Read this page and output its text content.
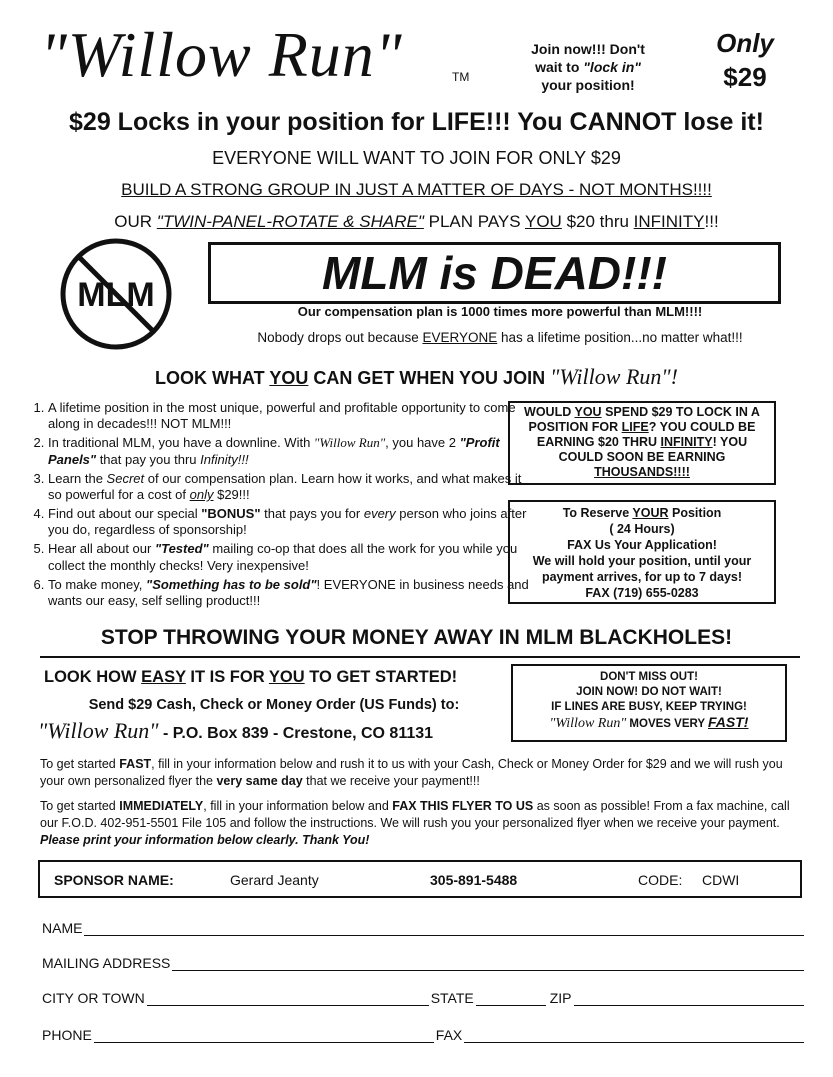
"Willow Run"	TM
Join now!!! Don't
wait to "lock in"
your position!
Only
$29
$29 Locks in your position for LIFE!!! You CANNOT lose it!
EVERYONE WILL WANT TO JOIN FOR ONLY $29
BUILD A STRONG GROUP IN JUST A MATTER OF DAYS - NOT MONTHS!!!!
OUR "TWIN-PANEL-ROTATE & SHARE" PLAN PAYS YOU $20 thru INFINITY!!!
MLM	MLM is DEAD!!!
Our compensation plan is 1000 times more powerful than MLM!!!!
Nobody drops out because EVERYONE has a lifetime position...no matter what!!!
LOOK WHAT YOU CAN GET WHEN YOU JOIN "Willow Run"!
1. A lifetime position in the most unique, powerful and profitable opportunity to come along in decades!!! NOT MLM!!!
2. In traditional MLM, you have a downline. With "Willow Run", you have 2 "Profit Panels" that pay you thru Infinity!!!
3. Learn the Secret of our compensation plan. Learn how it works, and what makes it so powerful for a cost of only $29!!!
4. Find out about our special "BONUS" that pays you for every person who joins after you do, regardless of sponsorship!
5. Hear all about our "Tested" mailing co-op that does all the work for you while you collect the monthly checks! Very inexpensive!
6. To make money, "Something has to be sold"! EVERYONE in business needs and wants our easy, self selling product!!!
WOULD YOU SPEND $29 TO LOCK IN A
POSITION FOR LIFE? YOU COULD BE
EARNING $20 THRU INFINITY! YOU
COULD SOON BE EARNING
THOUSANDS!!!!
To Reserve YOUR Position
( 24 Hours)
FAX Us Your Application!
We will hold your position, until your
payment arrives, for up to 7 days!
FAX (719) 655-0283
STOP THROWING YOUR MONEY AWAY IN MLM BLACKHOLES!
LOOK HOW EASY IT IS FOR YOU TO GET STARTED!
Send $29 Cash, Check or Money Order (US Funds) to:
"Willow Run" - P.O. Box 839 - Crestone, CO 81131
DON'T MISS OUT!
JOIN NOW! DO NOT WAIT!
IF LINES ARE BUSY, KEEP TRYING!
"Willow Run" MOVES VERY FAST!
To get started FAST, fill in your information below and rush it to us with your Cash, Check or Money Order for $29 and we will rush you your own personalized flyer the very same day that we receive your payment!!!
To get started IMMEDIATELY, fill in your information below and FAX THIS FLYER TO US as soon as possible! From a fax machine, call our F.O.D. 402-951-5501 File 105 and follow the instructions. We will rush you your personalized flyer when we receive your payment. Please print your information below clearly. Thank You!
SPONSOR NAME:	Gerard Jeanty	305-891-5488	CODE: CDWI
NAME
MAILING ADDRESS
CITY OR TOWN	STATE	ZIP
PHONE	FAX
